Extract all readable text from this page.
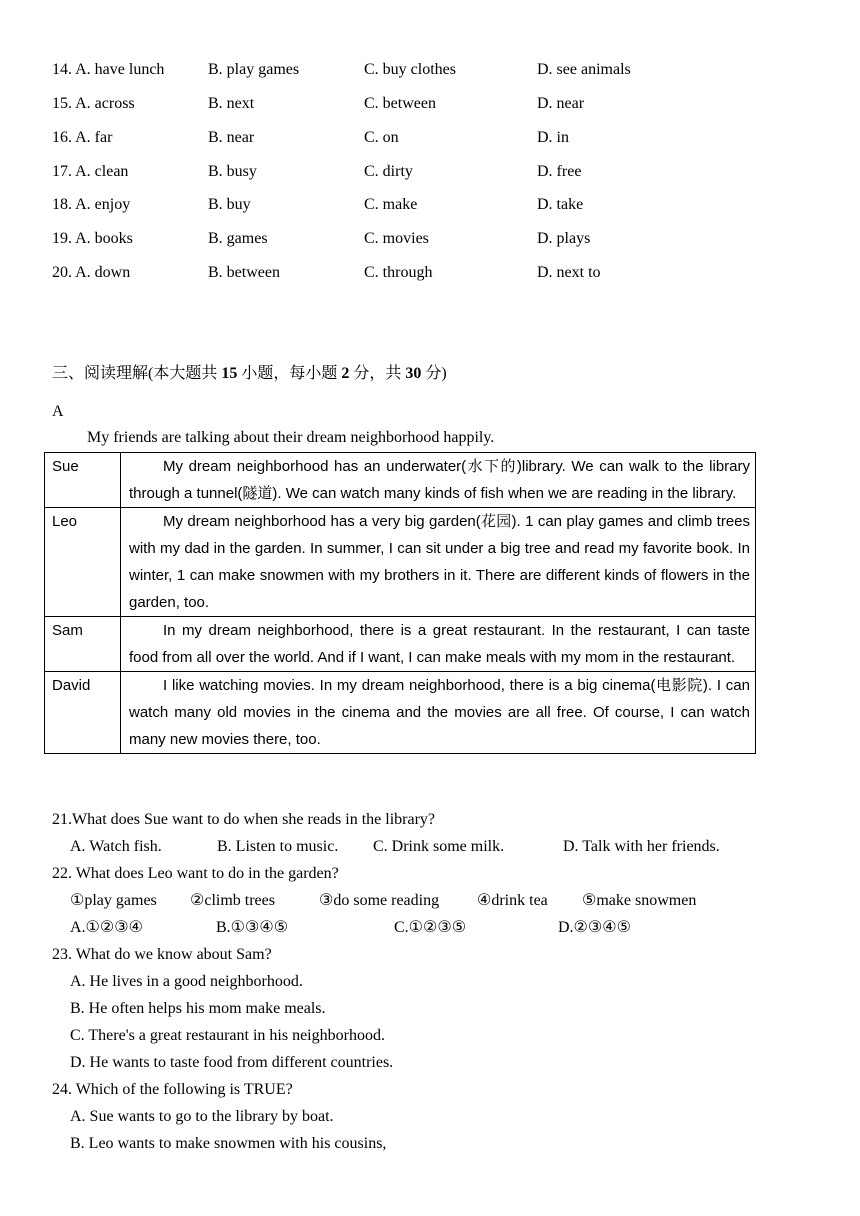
14. A. have lunch	B. play games	C. buy clothes	D. see animals
15. A. across	B. next	C. between	D. near
16. A. far	B. near	C. on	D. in
17. A. clean	B. busy	C. dirty	D. free
18. A. enjoy	B. buy	C. make	D. take
19. A. books	B. games	C. movies	D. plays
20. A. down	B. between	C. through	D. next to
三、阅读理解(本大题共 15 小题，每小题 2 分，共 30 分)
A
My friends are talking about their dream neighborhood happily.
Sue	My dream neighborhood has an underwater(水下的)library. We can walk to the library through a tunnel(隧道). We can watch many kinds of fish when we are reading in the library.
Leo	My dream neighborhood has a very big garden(花园). 1 can play games and climb trees with my dad in the garden. In summer, I can sit under a big tree and read my favorite book. In winter, 1 can make snowmen with my brothers in it. There are different kinds of flowers in the garden, too.
Sam	In my dream neighborhood, there is a great restaurant. In the restaurant, I can taste food from all over the world. And if I want, I can make meals with my mom in the restaurant.
David	I like watching movies. In my dream neighborhood, there is a big cinema(电影院). I can watch many old movies in the cinema and the movies are all free. Of course, I can watch many new movies there, too.
21.What does Sue want to do when she reads in the library?
A. Watch fish.	B. Listen to music. C. Drink some milk.	D. Talk with her friends.
22. What does Leo want to do in the garden?
①play games ②climb trees	③do some reading ④drink tea ⑤make snowmen
A.①②③④	B.①③④⑤	C.①②③⑤	D.②③④⑤
23. What do we know about Sam?
A. He lives in a good neighborhood.
B. He often helps his mom make meals.
C. There's a great restaurant in his neighborhood.
D. He wants to taste food from different countries.
24. Which of the following is TRUE?
A. Sue wants to go to the library by boat.
B. Leo wants to make snowmen with his cousins,
